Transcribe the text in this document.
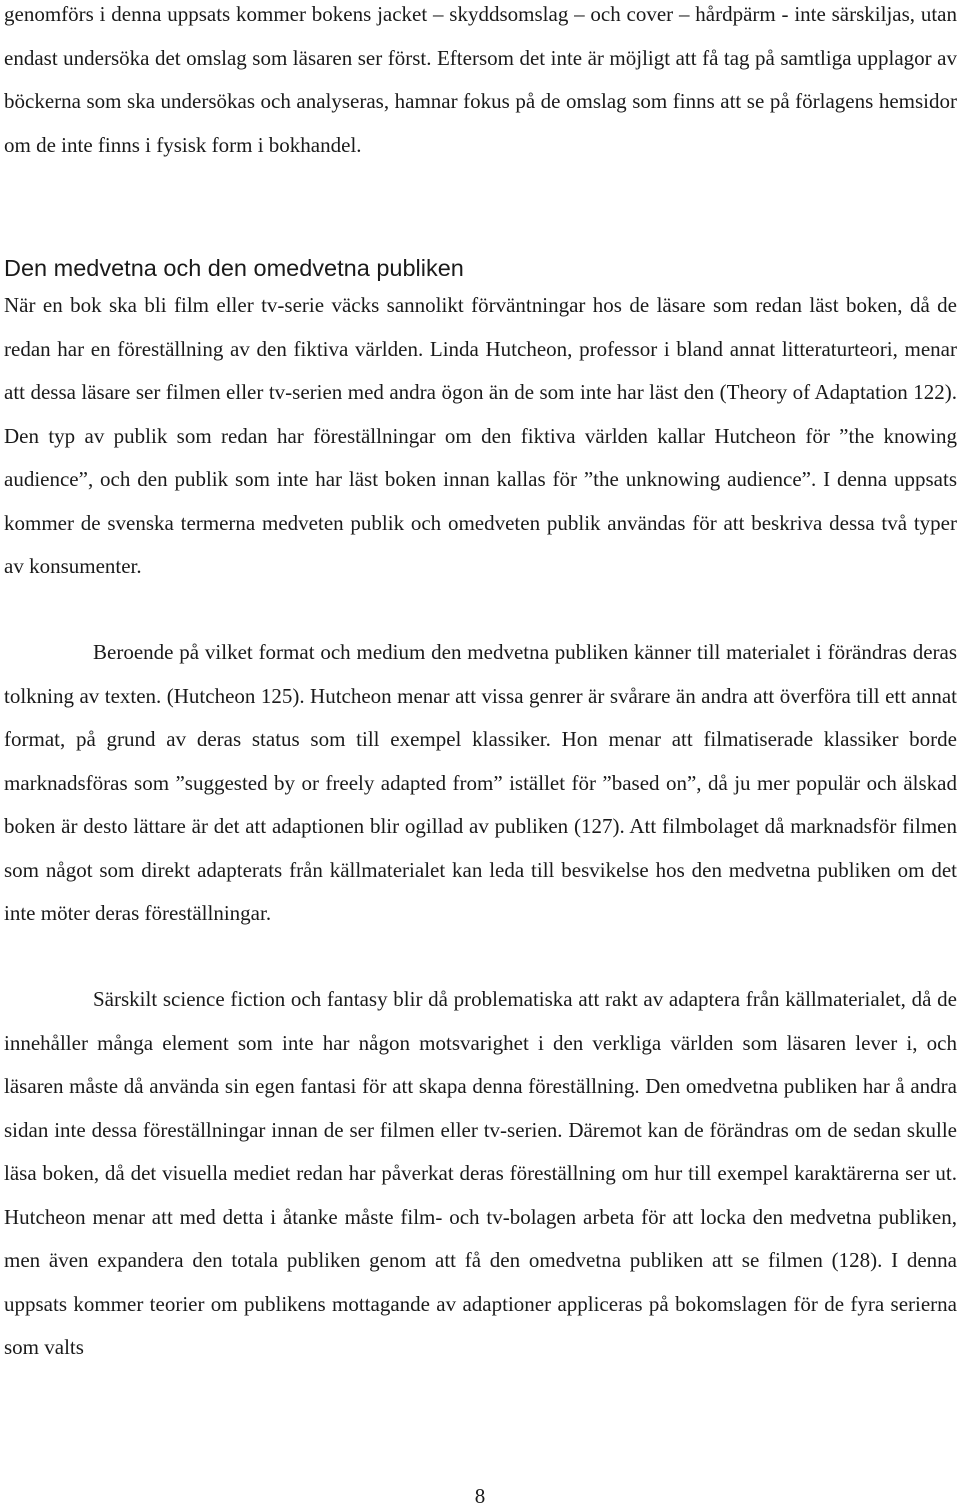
genomförs i denna uppsats kommer bokens jacket – skyddsomslag – och cover – hårdpärm - inte särskiljas, utan endast undersöka det omslag som läsaren ser först. Eftersom det inte är möjligt att få tag på samtliga upplagor av böckerna som ska undersökas och analyseras, hamnar fokus på de omslag som finns att se på förlagens hemsidor om de inte finns i fysisk form i bokhandel.

Den medvetna och den omedvetna publiken

När en bok ska bli film eller tv-serie väcks sannolikt förväntningar hos de läsare som redan läst boken, då de redan har en föreställning av den fiktiva världen. Linda Hutcheon, professor i bland annat litteraturteori, menar att dessa läsare ser filmen eller tv-serien med andra ögon än de som inte har läst den (Theory of Adaptation 122). Den typ av publik som redan har föreställningar om den fiktiva världen kallar Hutcheon för ”the knowing audience”, och den publik som inte har läst boken innan kallas för ”the unknowing audience”. I denna uppsats kommer de svenska termerna medveten publik och omedveten publik användas för att beskriva dessa två typer av konsumenter.

Beroende på vilket format och medium den medvetna publiken känner till materialet i förändras deras tolkning av texten. (Hutcheon 125). Hutcheon menar att vissa genrer är svårare än andra att överföra till ett annat format, på grund av deras status som till exempel klassiker. Hon menar att filmatiserade klassiker borde marknadsföras som ”suggested by or freely adapted from” istället för ”based on”, då ju mer populär och älskad boken är desto lättare är det att adaptionen blir ogillad av publiken (127). Att filmbolaget då marknadsför filmen som något som direkt adapterats från källmaterialet kan leda till besvikelse hos den medvetna publiken om det inte möter deras föreställningar.

Särskilt science fiction och fantasy blir då problematiska att rakt av adaptera från källmaterialet, då de innehåller många element som inte har någon motsvarighet i den verkliga världen som läsaren lever i, och läsaren måste då använda sin egen fantasi för att skapa denna föreställning. Den omedvetna publiken har å andra sidan inte dessa föreställningar innan de ser filmen eller tv-serien. Däremot kan de förändras om de sedan skulle läsa boken, då det visuella mediet redan har påverkat deras föreställning om hur till exempel karaktärerna ser ut. Hutcheon menar att med detta i åtanke måste film- och tv-bolagen arbeta för att locka den medvetna publiken, men även expandera den totala publiken genom att få den omedvetna publiken att se filmen (128). I denna uppsats kommer teorier om publikens mottagande av adaptioner appliceras på bokomslagen för de fyra serierna som valts

8
